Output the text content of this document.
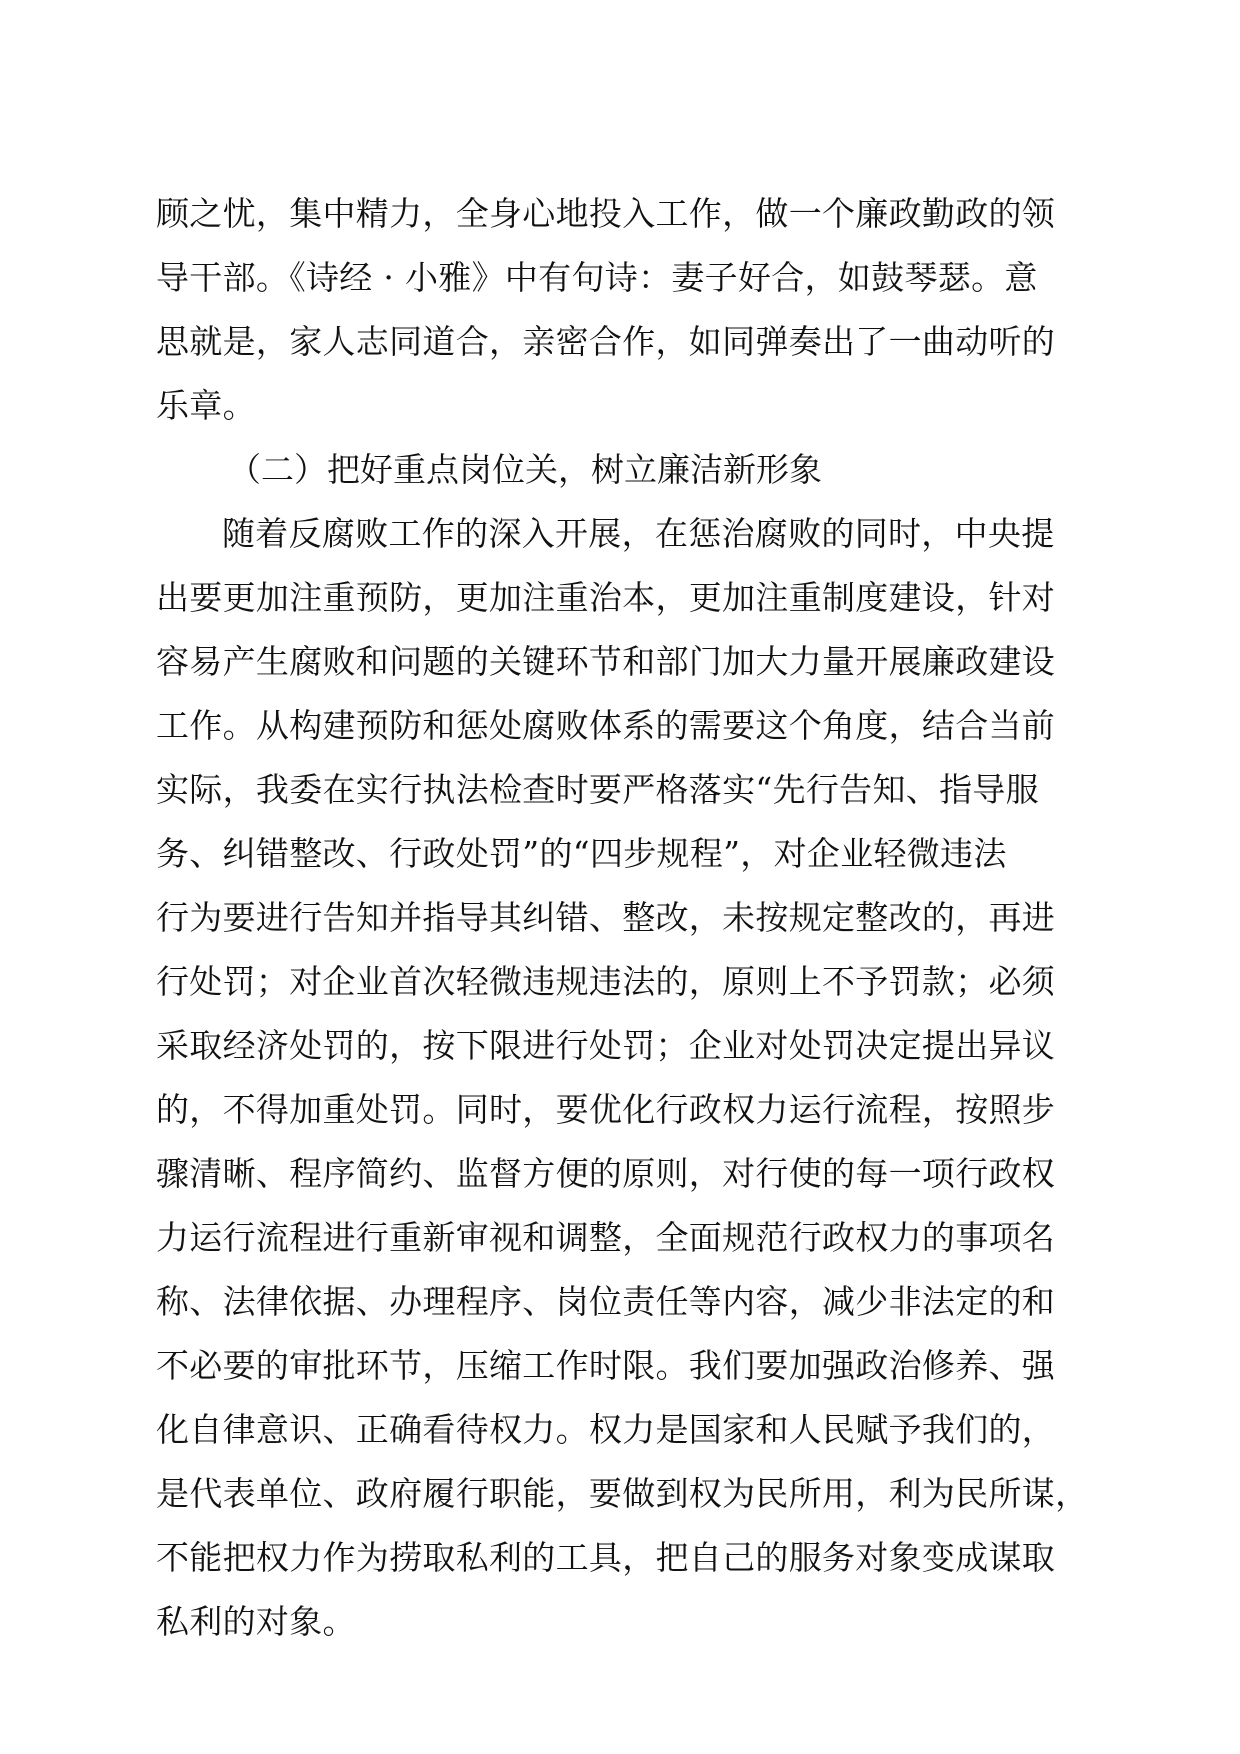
顾之忧，集中精力，全身心地投入工作，做一个廉政勤政的领
导干部。《诗经 · 小雅》中有句诗：妻子好合，如鼓琴瑟。意
思就是，家人志同道合，亲密合作，如同弹奏出了一曲动听的
乐章。
（二）把好重点岗位关，树立廉洁新形象
随着反腐败工作的深入开展，在惩治腐败的同时，中央提
出要更加注重预防，更加注重治本，更加注重制度建设，针对
容易产生腐败和问题的关键环节和部门加大力量开展廉政建设
工作。从构建预防和惩处腐败体系的需要这个角度，结合当前
实际，我委在实行执法检查时要严格落实“先行告知、指导服
务、纠错整改、行政处罚”的“四步规程”，对企业轻微违法
行为要进行告知并指导其纠错、整改，未按规定整改的，再进
行处罚；对企业首次轻微违规违法的，原则上不予罚款；必须
采取经济处罚的，按下限进行处罚；企业对处罚决定提出异议
的，不得加重处罚。同时，要优化行政权力运行流程，按照步
骤清晰、程序简约、监督方便的原则，对行使的每一项行政权
力运行流程进行重新审视和调整，全面规范行政权力的事项名
称、法律依据、办理程序、岗位责任等内容，减少非法定的和
不必要的审批环节，压缩工作时限。我们要加强政治修养、强
化自律意识、正确看待权力。权力是国家和人民赋予我们的，
是代表单位、政府履行职能，要做到权为民所用，利为民所谋，
不能把权力作为捞取私利的工具，把自己的服务对象变成谋取
私利的对象。
